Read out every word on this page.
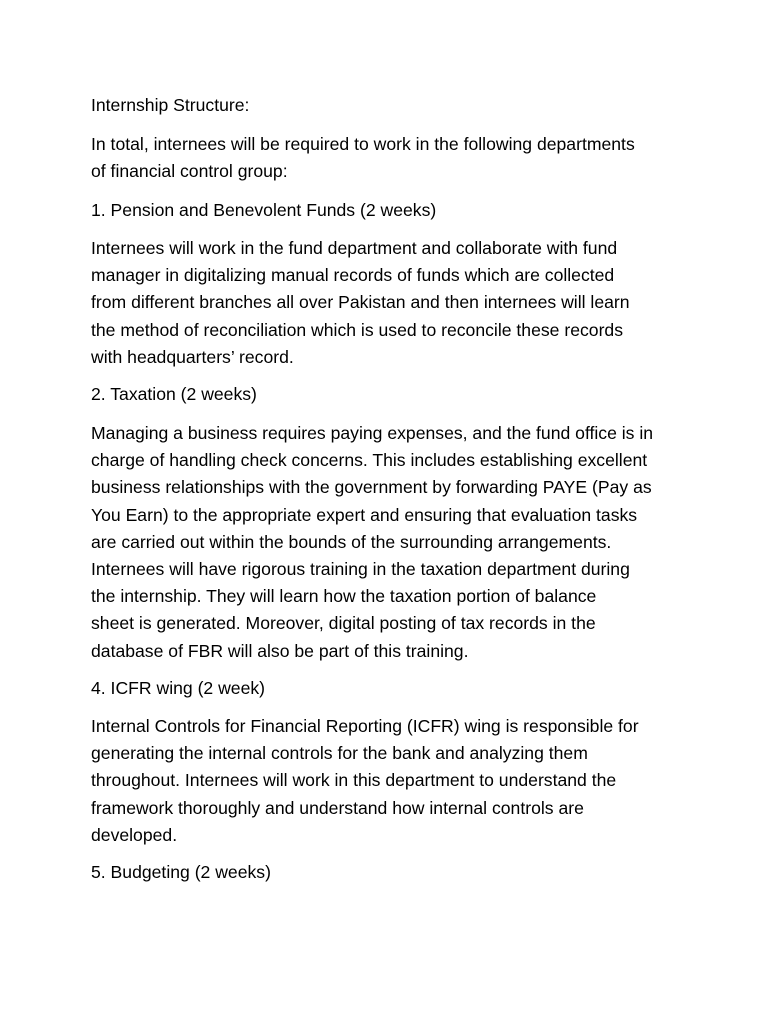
Internship Structure:

In total, internees will be required to work in the following departments
of financial control group:

1. Pension and Benevolent Funds (2 weeks)

Internees will work in the fund department and collaborate with fund
manager in digitalizing manual records of funds which are collected
from different branches all over Pakistan and then internees will learn
the method of reconciliation which is used to reconcile these records
with headquarters’ record.

2. Taxation (2 weeks)

Managing a business requires paying expenses, and the fund office is in
charge of handling check concerns. This includes establishing excellent
business relationships with the government by forwarding PAYE (Pay as
You Earn) to the appropriate expert and ensuring that evaluation tasks
are carried out within the bounds of the surrounding arrangements.
Internees will have rigorous training in the taxation department during
the internship. They will learn how the taxation portion of balance
sheet is generated. Moreover, digital posting of tax records in the
database of FBR will also be part of this training.

4. ICFR wing (2 week)

Internal Controls for Financial Reporting (ICFR) wing is responsible for
generating the internal controls for the bank and analyzing them
throughout. Internees will work in this department to understand the
framework thoroughly and understand how internal controls are
developed.

5. Budgeting (2 weeks)
